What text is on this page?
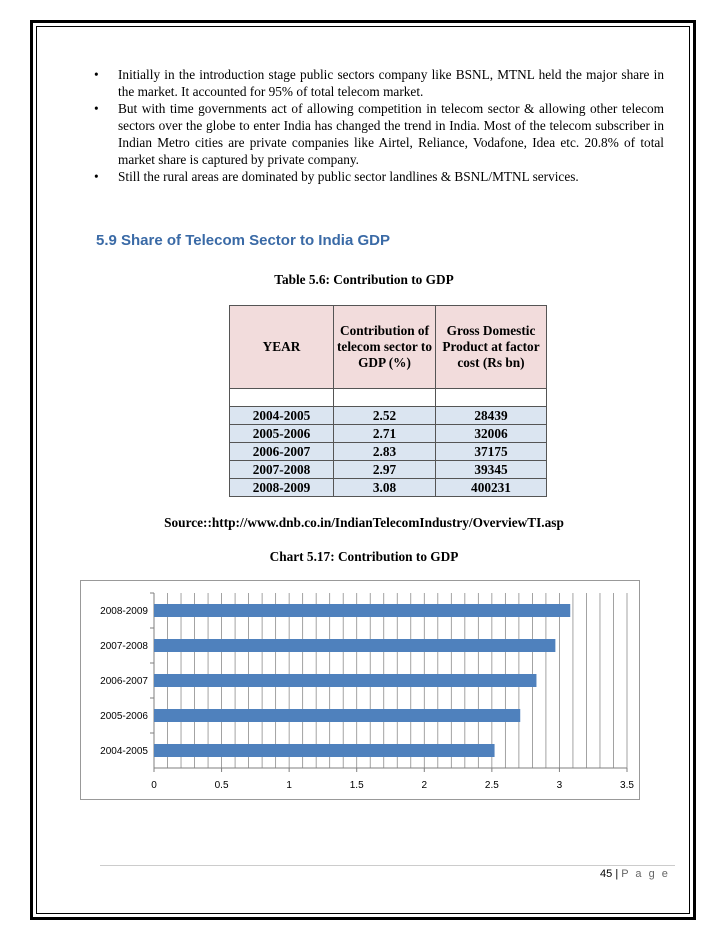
• Initially in the introduction stage public sectors company like BSNL, MTNL held the major share in the market. It accounted for 95% of total telecom market.
• But with time governments act of allowing competition in telecom sector & allowing other telecom sectors over the globe to enter India has changed the trend in India. Most of the telecom subscriber in Indian Metro cities are private companies like Airtel, Reliance, Vodafone, Idea etc. 20.8% of total market share is captured by private company.
• Still the rural areas are dominated by public sector landlines & BSNL/MTNL services.
5.9 Share of Telecom Sector to India GDP
Table 5.6: Contribution to GDP
YEAR	Contribution of telecom sector to GDP (%)	Gross Domestic Product at factor cost (Rs bn)

2004-2005	2.52	28439
2005-2006	2.71	32006
2006-2007	2.83	37175
2007-2008	2.97	39345
2008-2009	3.08	400231
Source::http://www.dnb.co.in/IndianTelecomIndustry/OverviewTI.asp
Chart 5.17: Contribution to GDP
2004-2005
2005-2006
2006-2007
2007-2008
2008-2009
0	0.5	1	1.5	2	2.5	3	3.5
45 | P a g e
